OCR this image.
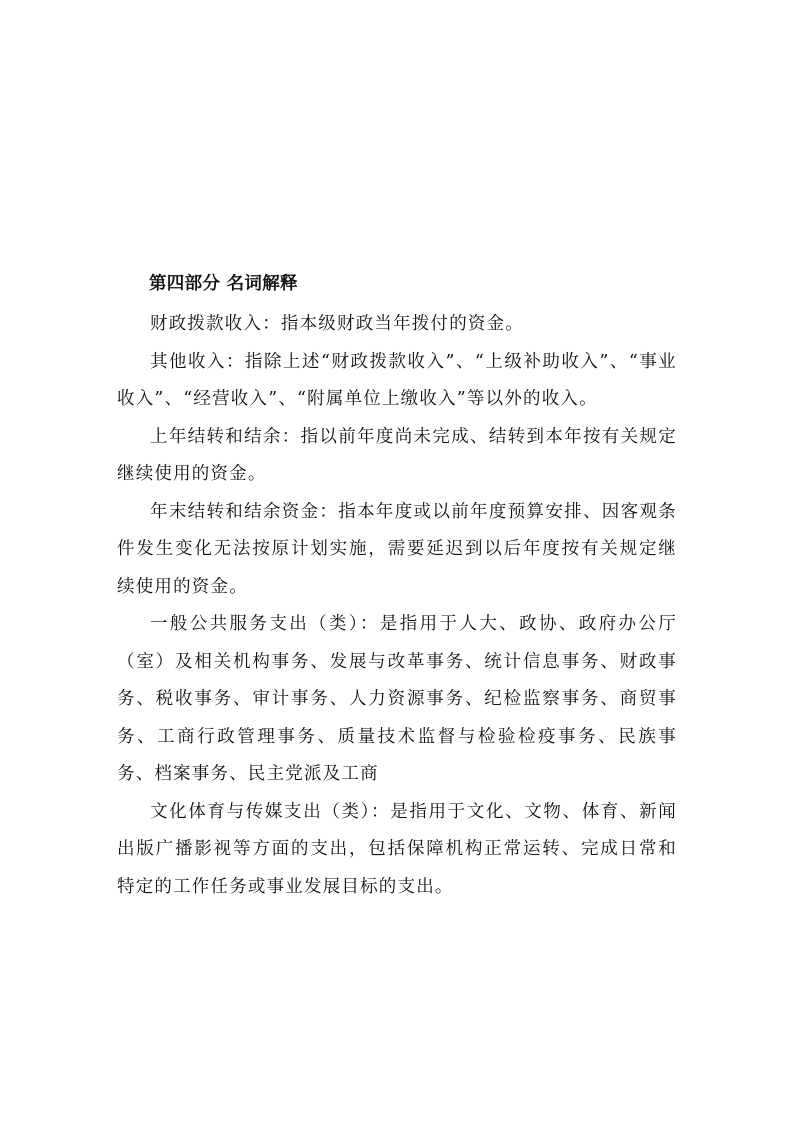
第四部分 名词解释

财政拨款收入：指本级财政当年拨付的资金。

其他收入：指除上述“财政拨款收入”、“上级补助收入”、“事业收入”、“经营收入”、“附属单位上缴收入”等以外的收入。

上年结转和结余：指以前年度尚未完成、结转到本年按有关规定继续使用的资金。

年末结转和结余资金：指本年度或以前年度预算安排、因客观条件发生变化无法按原计划实施，需要延迟到以后年度按有关规定继续使用的资金。

一般公共服务支出（类）：是指用于人大、政协、政府办公厅（室）及相关机构事务、发展与改革事务、统计信息事务、财政事务、税收事务、审计事务、人力资源事务、纪检监察事务、商贸事务、工商行政管理事务、质量技术监督与检验检疫事务、民族事务、档案事务、民主党派及工商

文化体育与传媒支出（类）：是指用于文化、文物、体育、新闻出版广播影视等方面的支出，包括保障机构正常运转、完成日常和特定的工作任务或事业发展目标的支出。
